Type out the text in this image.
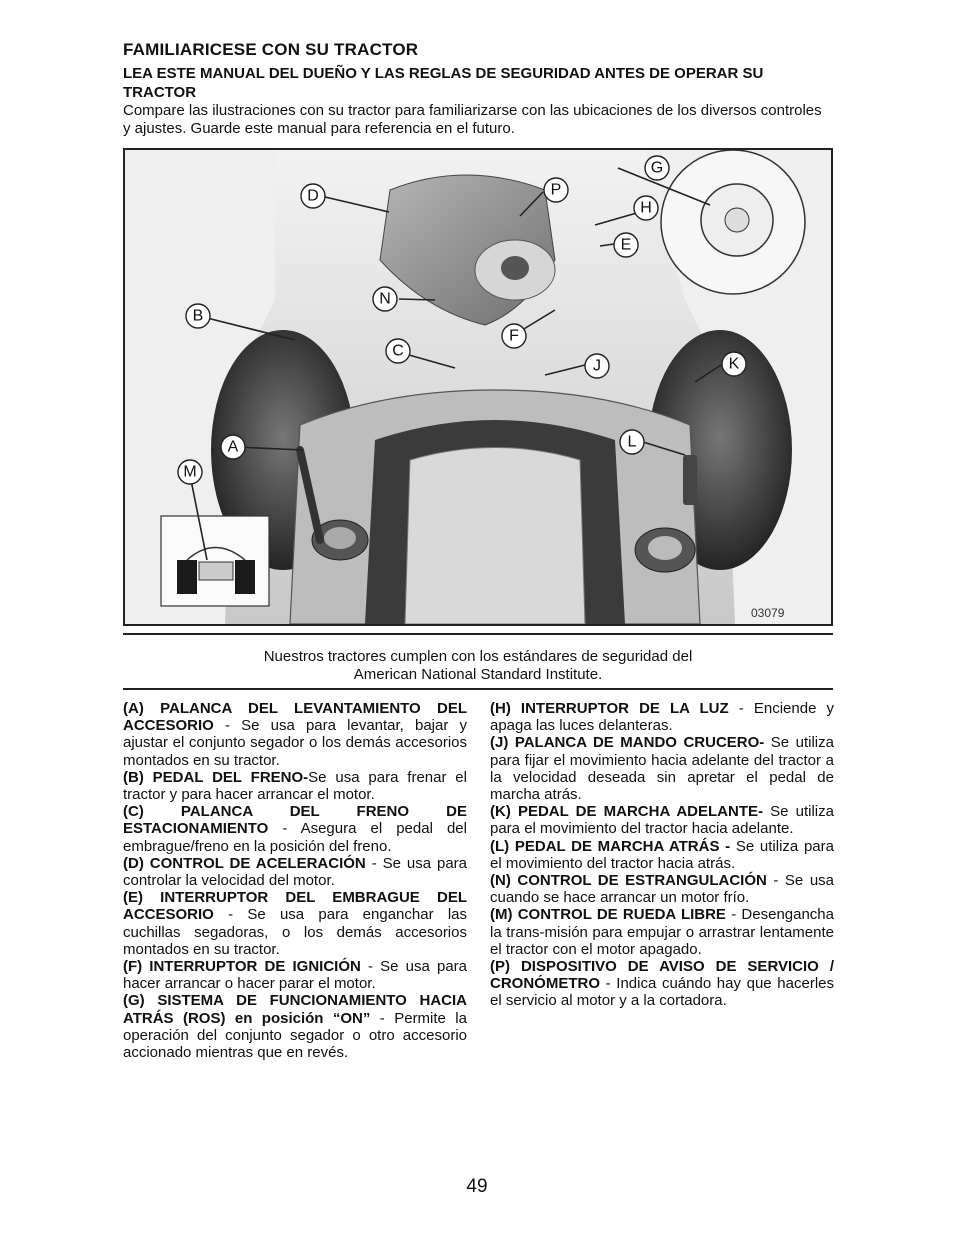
FAMILIARICESE CON SU TRACTOR
LEA ESTE MANUAL DEL DUEÑO Y LAS REGLAS DE SEGURIDAD ANTES DE OPERAR SU TRACTOR
Compare las ilustraciones con su tractor para familiarizarse con las ubicaciones de los diversos controles y ajustes. Guarde este manual para referencia en el futuro.
D	P
G
H
E
B
N
F
C
J	K
A	L
M
03079
Nuestros tractores cumplen con los estándares de seguridad del
American National Standard Institute.

(A) PALANCA DEL LEVANTAMIENTO DEL ACCESORIO - Se usa para levantar, bajar y ajustar el conjunto segador o los demás accesorios montados en su tractor.

(B) PEDAL DEL FRENO-Se usa para frenar el tractor y para hacer arrancar el motor.

(C) PALANCA DEL FRENO DE ESTACIONAMIENTO - Asegura el pedal del embrague/freno en la posición del freno.

(D) CONTROL DE ACELERACIÓN - Se usa para controlar la velocidad del motor.

(E) INTERRUPTOR DEL EMBRAGUE DEL ACCESORIO - Se usa para enganchar las cuchillas segadoras, o los demás accesorios montados en su tractor.

(F) INTERRUPTOR DE IGNICIÓN - Se usa para hacer arrancar o hacer parar el motor.

(G) SISTEMA DE FUNCIONAMIENTO HACIA ATRÁS (ROS) en posición “ON” - Permite la operación del conjunto segador o otro accesorio accionado mientras que en revés.

(H) INTERRUPTOR DE LA LUZ - Enciende y apaga las luces delanteras.

(J) PALANCA DE MANDO CRUCERO- Se utiliza para fijar el movimiento hacia adelante del tractor a la velocidad deseada sin apretar el pedal de marcha atrás.

(K) PEDAL DE MARCHA ADELANTE- Se utiliza para el movimiento del tractor hacia adelante.

(L) PEDAL DE MARCHA ATRÁS - Se utiliza para el movimiento del tractor hacia atrás.

(N) CONTROL DE ESTRANGULACIÓN - Se usa cuando se hace arrancar un motor frío.

(M) CONTROL DE RUEDA LIBRE - Desengancha la trans-misión para empujar o arrastrar lentamente el tractor con el motor apagado.

(P) DISPOSITIVO DE AVISO DE SERVICIO / CRONÓMETRO - Indica cuándo hay que hacerles el servicio al motor y a la cortadora.

49
